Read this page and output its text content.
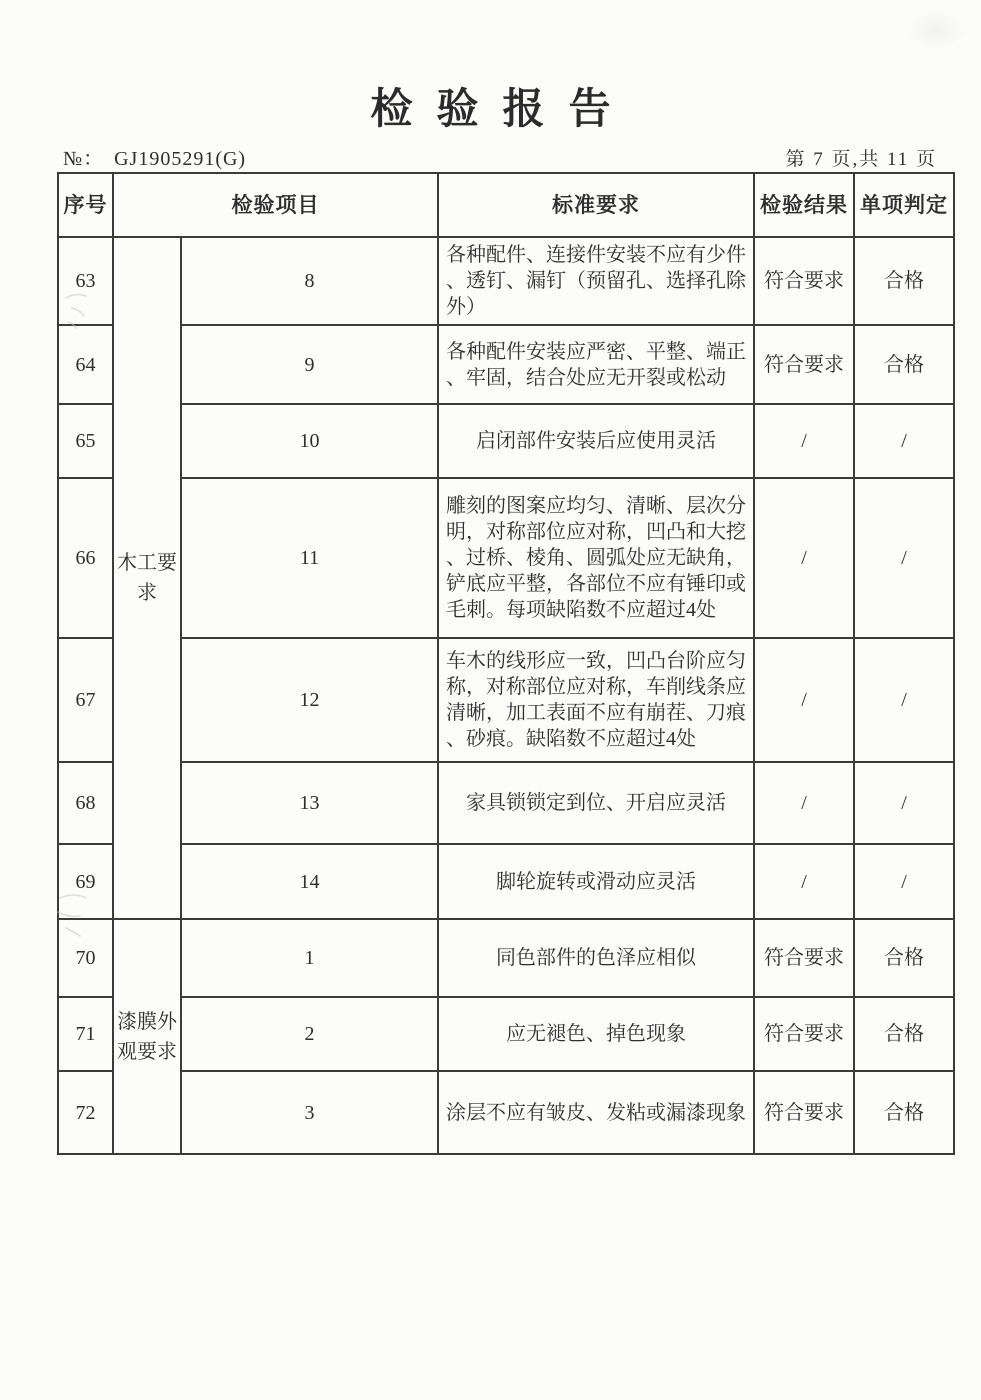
检验报告
№： GJ1905291(G)	第 7 页,共 11 页
序号	检验项目		标准要求	检验结果	单项判定
63	木工要求	8	各种配件、连接件安装不应有少件、透钉、漏钉（预留孔、选择孔除外）	符合要求	合格
64		9	各种配件安装应严密、平整、端正、牢固，结合处应无开裂或松动	符合要求	合格
65		10	启闭部件安装后应使用灵活	/	/
66		11	雕刻的图案应均匀、清晰、层次分明，对称部位应对称，凹凸和大挖、过桥、棱角、圆弧处应无缺角，铲底应平整，各部位不应有锤印或毛刺。每项缺陷数不应超过4处	/	/
67		12	车木的线形应一致，凹凸台阶应匀称，对称部位应对称，车削线条应清晰，加工表面不应有崩茬、刀痕、砂痕。缺陷数不应超过4处	/	/
68		13	家具锁锁定到位、开启应灵活	/	/
69		14	脚轮旋转或滑动应灵活	/	/
70	漆膜外观要求	1	同色部件的色泽应相似	符合要求	合格
71		2	应无褪色、掉色现象	符合要求	合格
72		3	涂层不应有皱皮、发粘或漏漆现象	符合要求	合格
